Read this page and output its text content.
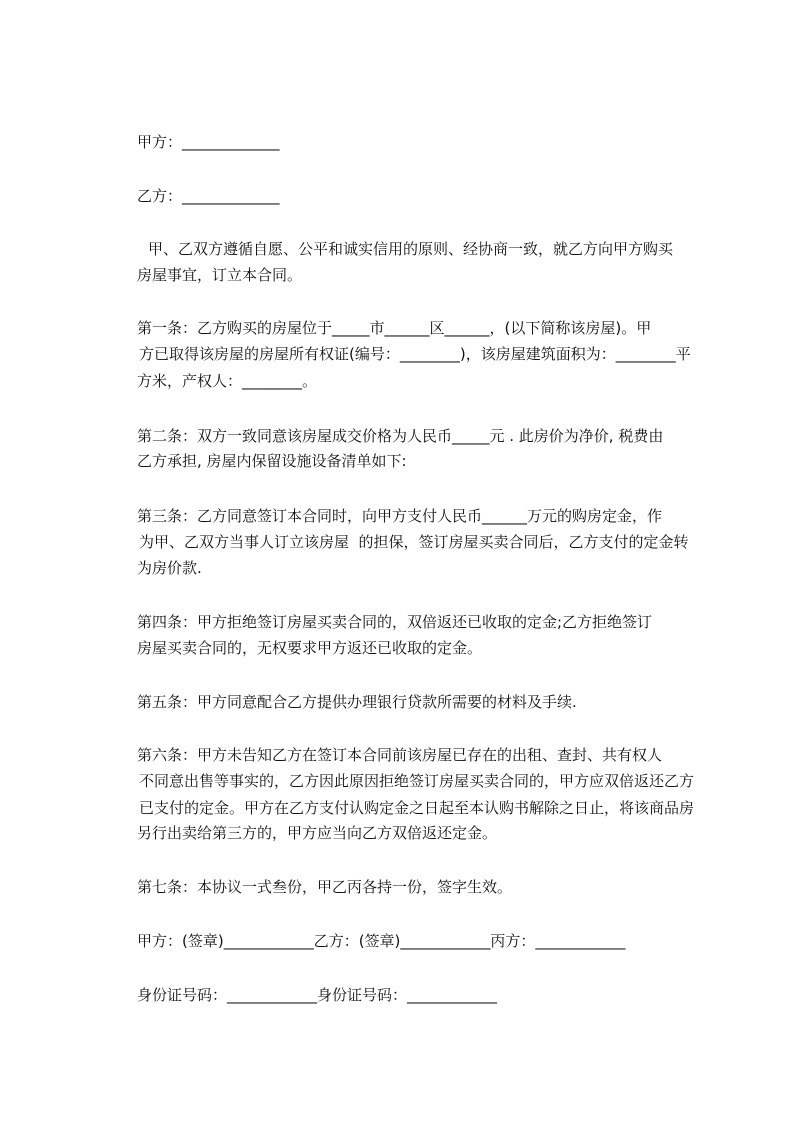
甲方：_____________
乙方：_____________
甲、乙双方遵循自愿、公平和诚实信用的原则、经协商一致，就乙方向甲方购买
房屋事宜，订立本合同。
第一条：乙方购买的房屋位于_____市______区______，(以下简称该房屋)。甲
方已取得该房屋的房屋所有权证(编号：________)，该房屋建筑面积为：________平
方米，产权人：________。
第二条：双方一致同意该房屋成交价格为人民币_____元 . 此房价为净价, 税费由
乙方承担, 房屋内保留设施设备清单如下:
第三条：乙方同意签订本合同时，向甲方支付人民币______万元的购房定金，作
为甲、乙双方当事人订立该房屋  的担保，签订房屋买卖合同后，乙方支付的定金转
为房价款.
第四条：甲方拒绝签订房屋买卖合同的，双倍返还已收取的定金;乙方拒绝签订
房屋买卖合同的，无权要求甲方返还已收取的定金。
第五条：甲方同意配合乙方提供办理银行贷款所需要的材料及手续.
第六条：甲方未告知乙方在签订本合同前该房屋已存在的出租、查封、共有权人
不同意出售等事实的，乙方因此原因拒绝签订房屋买卖合同的，甲方应双倍返还乙方
已支付的定金。甲方在乙方支付认购定金之日起至本认购书解除之日止，将该商品房
另行出卖给第三方的，甲方应当向乙方双倍返还定金。
第七条：本协议一式叁份，甲乙丙各持一份，签字生效。
甲方：(签章)____________乙方：(签章)____________丙方：____________
身份证号码：____________身份证号码：____________
